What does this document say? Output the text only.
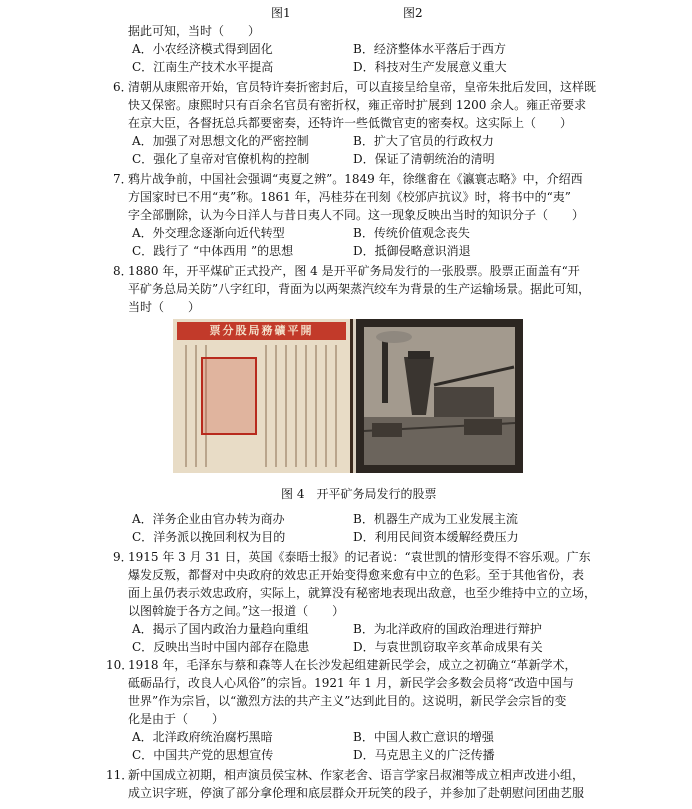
图1	图2
据此可知，当时（　　）
A．小农经济模式得到固化	B．经济整体水平落后于西方
C．江南生产技术水平提高	D．科技对生产发展意义重大
6．
清朝从康熙帝开始，官员特许奏折密封后，可以直接呈给皇帝，皇帝朱批后发回，这样既
快又保密。康熙时只有百余名官员有密折权，雍正帝时扩展到 1200 余人。雍正帝要求
在京大臣，各督抚总兵都要密奏，还特许一些低微官吏的密奏权。这实际上（　　）
A．加强了对思想文化的严密控制	B．扩大了官员的行政权力
C．强化了皇帝对官僚机构的控制	D．保证了清朝统治的清明
7．
鸦片战争前，中国社会强调“夷夏之辨”。1849 年，徐继畬在《瀛寰志略》中，介绍西
方国家时已不用“夷”称。1861 年，冯桂芬在刊刻《校邠庐抗议》时，将书中的“夷”
字全部删除，认为今日洋人与昔日夷人不同。这一现象反映出当时的知识分子（　　）
A．外交理念逐渐向近代转型	B．传统价值观念丧失
C．践行了 “中体西用 ”的思想	D．抵御侵略意识消退
8．
1880 年，开平煤矿正式投产，图 4 是开平矿务局发行的一张股票。股票正面盖有“开
平矿务总局关防”八字红印，背面为以两架蒸汽绞车为背景的生产运输场景。据此可知，
当时（　　）
票分股局務礦平開
图 4　开平矿务局发行的股票
A．洋务企业由官办转为商办	B．机器生产成为工业发展主流
C．洋务派以挽回利权为目的	D．利用民间资本缓解经费压力
9．
1915 年 3 月 31 日，英国《泰晤士报》的记者说：“袁世凯的情形变得不容乐观。广东
爆发反叛，都督对中央政府的效忠正开始变得愈来愈有中立的色彩。至于其他省份，表
面上虽仍表示效忠政府，实际上，就算没有秘密地表现出敌意，也至少维持中立的立场，
以图斡旋于各方之间。”这一报道（　　）
A．揭示了国内政治力量趋向重组	B．为北洋政府的国政治理进行辩护
C．反映出当时中国内部存在隐患	D．与袁世凯窃取辛亥革命成果有关
10．
1918 年，毛泽东与蔡和森等人在长沙发起组建新民学会，成立之初确立“革新学术，
砥砺品行，改良人心风俗”的宗旨。1921 年 1 月，新民学会多数会员将“改造中国与
世界”作为宗旨，以“激烈方法的共产主义”达到此目的。这说明，新民学会宗旨的变
化是由于（　　）
A．北洋政府统治腐朽黑暗	B．中国人救亡意识的增强
C．中国共产党的思想宣传	D．马克思主义的广泛传播
11．
新中国成立初期，相声演员侯宝林、作家老舍、语言学家吕叔湘等成立相声改进小组，
成立识字班，停演了部分拿伦理和底层群众开玩笑的段子，并参加了赴朝慰问团曲艺服
